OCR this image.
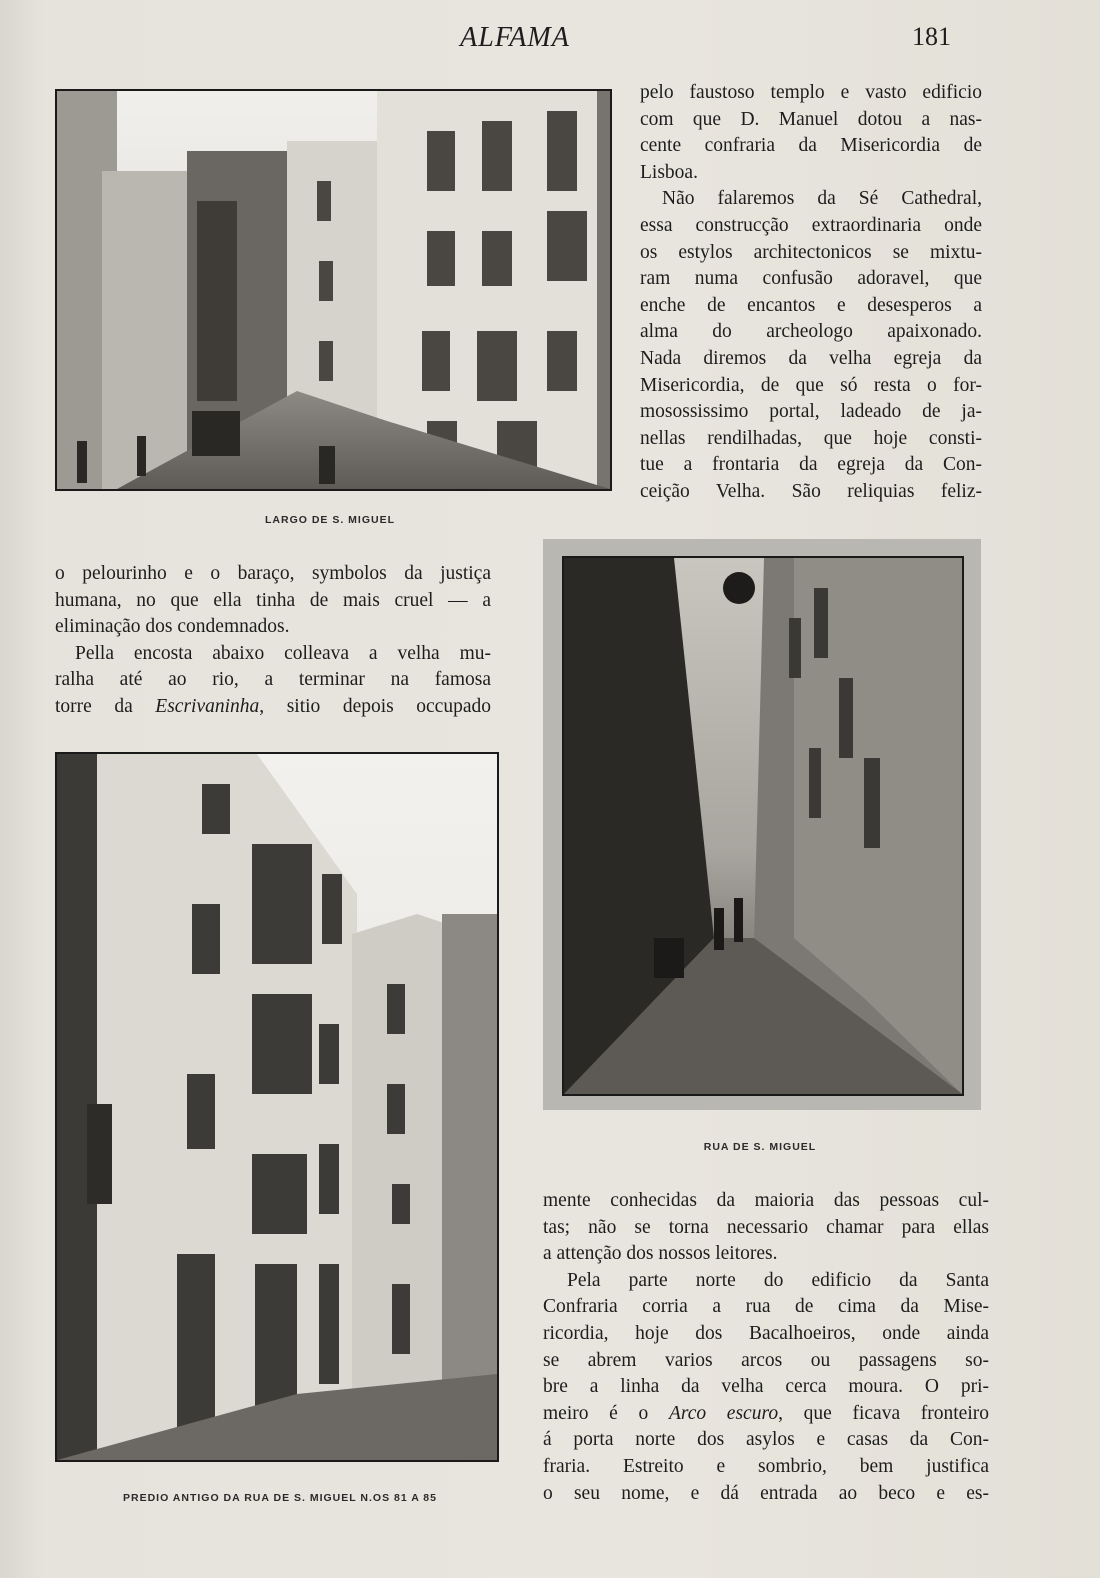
ALFAMA	181
LARGO DE S. MIGUEL
pelo faustoso templo e vasto edificio
com que D. Manuel dotou a nas-
cente confraria da Misericordia de
Lisboa.
Não falaremos da Sé Cathedral,
essa construcção extraordinaria onde
os estylos architectonicos se mixtu-
ram numa confusão adoravel, que
enche de encantos e desesperos a
alma do archeologo apaixonado.
Nada diremos da velha egreja da
Misericordia, de que só resta o for-
mosossissimo portal, ladeado de ja-
nellas rendilhadas, que hoje consti-
tue a frontaria da egreja da Con-
ceição Velha. São reliquias feliz-
o pelourinho e o baraço, symbolos da justiça
humana, no que ella tinha de mais cruel — a
eliminação dos condemnados.
Pella encosta abaixo colleava a velha mu-
ralha até ao rio, a terminar na famosa
torre da Escrivaninha, sitio depois occupado
RUA DE S. MIGUEL
PREDIO ANTIGO DA RUA DE S. MIGUEL N.OS 81 A 85
mente conhecidas da maioria das pessoas cul-
tas; não se torna necessario chamar para ellas
a attenção dos nossos leitores.
Pela parte norte do edificio da Santa
Confraria corria a rua de cima da Mise-
ricordia, hoje dos Bacalhoeiros, onde ainda
se abrem varios arcos ou passagens so-
bre a linha da velha cerca moura. O pri-
meiro é o Arco escuro, que ficava fronteiro
á porta norte dos asylos e casas da Con-
fraria. Estreito e sombrio, bem justifica
o seu nome, e dá entrada ao beco e es-
